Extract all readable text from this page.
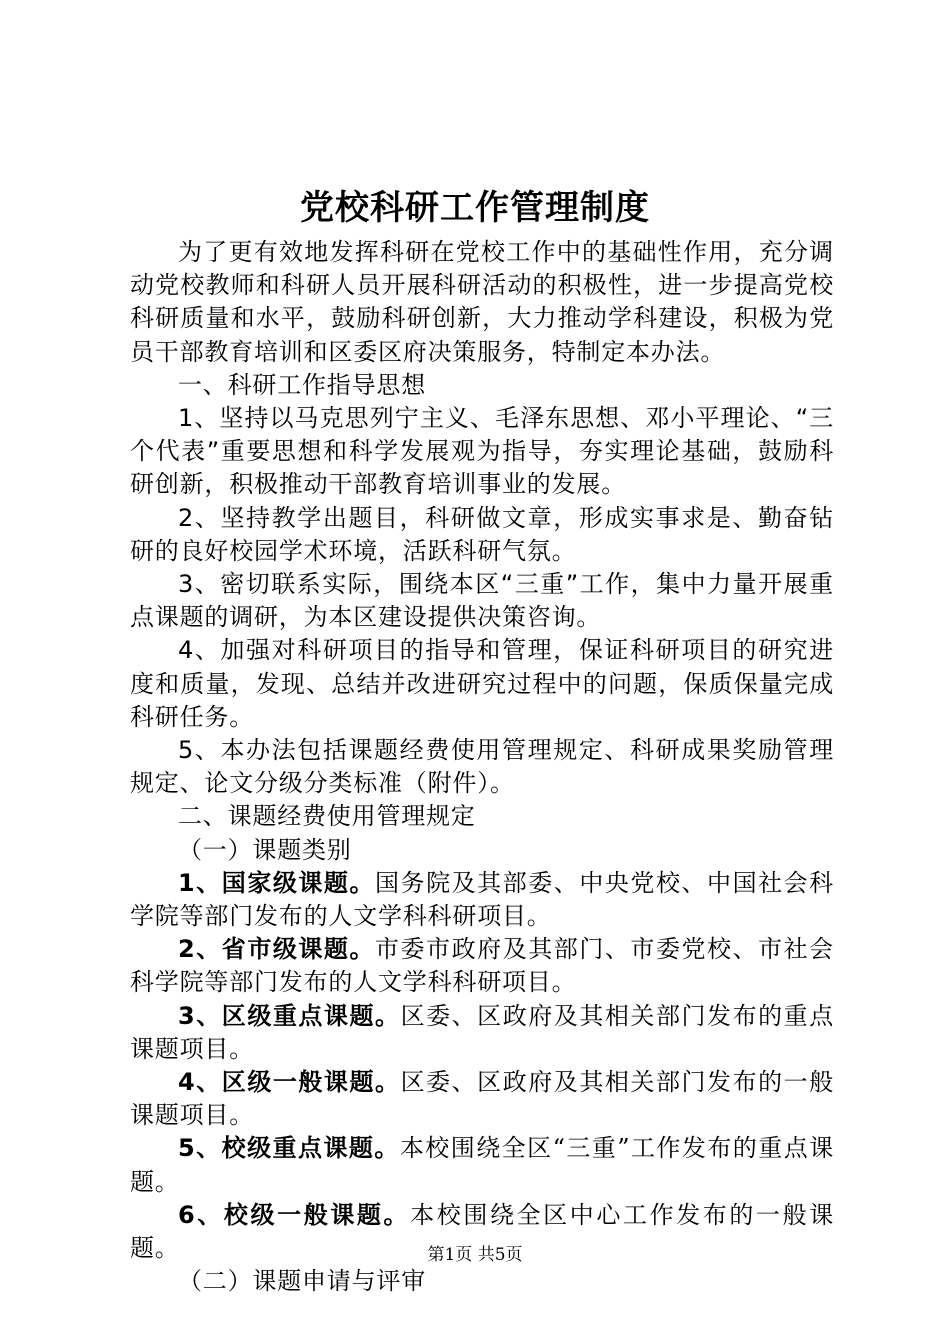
党校科研工作管理制度

为了更有效地发挥科研在党校工作中的基础性作用，充分调动党校教师和科研人员开展科研活动的积极性，进一步提高党校科研质量和水平，鼓励科研创新，大力推动学科建设，积极为党员干部教育培训和区委区府决策服务，特制定本办法。

一、科研工作指导思想

1、坚持以马克思列宁主义、毛泽东思想、邓小平理论、“三个代表”重要思想和科学发展观为指导，夯实理论基础，鼓励科研创新，积极推动干部教育培训事业的发展。

2、坚持教学出题目，科研做文章，形成实事求是、勤奋钻研的良好校园学术环境，活跃科研气氛。

3、密切联系实际，围绕本区“三重”工作，集中力量开展重点课题的调研，为本区建设提供决策咨询。

4、加强对科研项目的指导和管理，保证科研项目的研究进度和质量，发现、总结并改进研究过程中的问题，保质保量完成科研任务。

5、本办法包括课题经费使用管理规定、科研成果奖励管理规定、论文分级分类标准（附件）。

二、课题经费使用管理规定

（一）课题类别

1、国家级课题。国务院及其部委、中央党校、中国社会科学院等部门发布的人文学科科研项目。

2、省市级课题。市委市政府及其部门、市委党校、市社会科学院等部门发布的人文学科科研项目。

3、区级重点课题。区委、区政府及其相关部门发布的重点课题项目。

4、区级一般课题。区委、区政府及其相关部门发布的一般课题项目。

5、校级重点课题。本校围绕全区“三重”工作发布的重点课题。

6、校级一般课题。本校围绕全区中心工作发布的一般课题。

（二）课题申请与评审

第1页 共5页
